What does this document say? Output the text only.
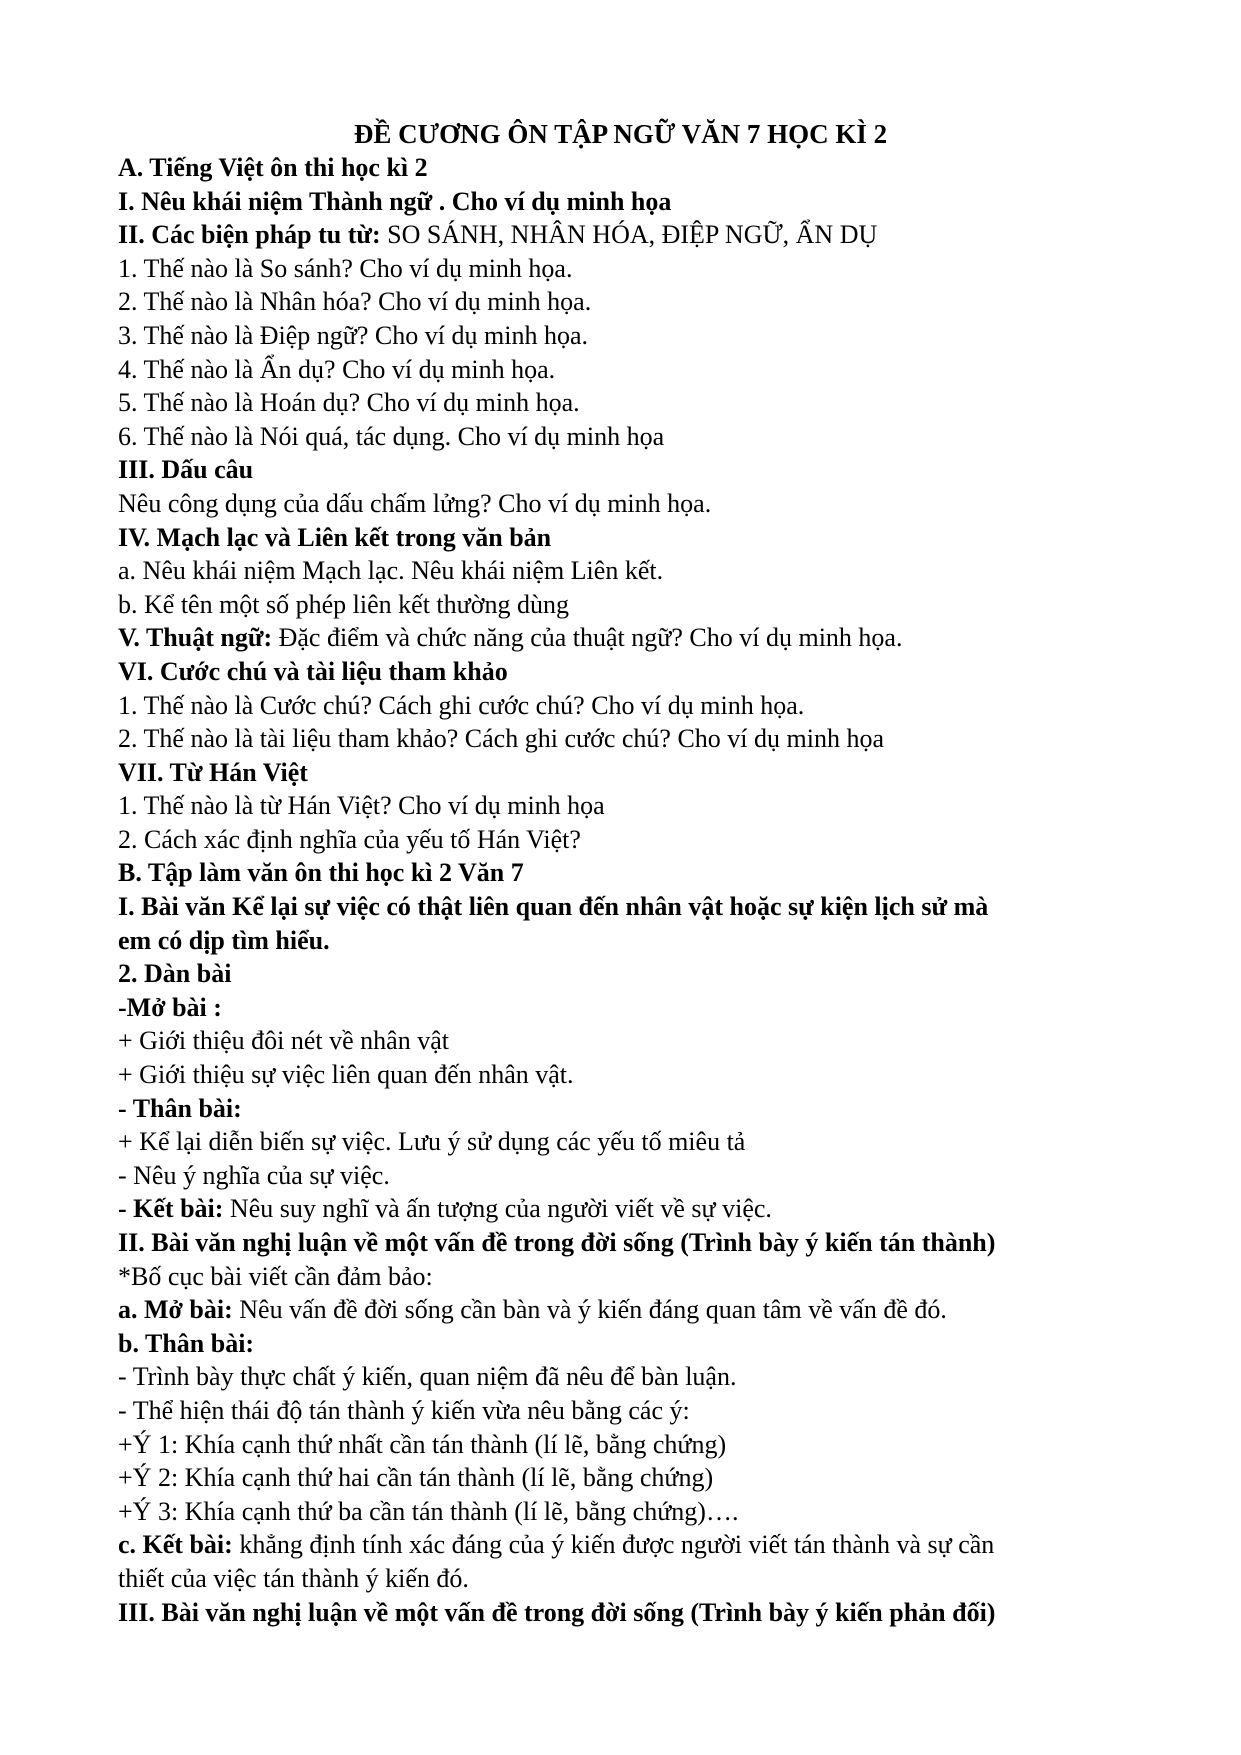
ĐỀ CƯƠNG ÔN TẬP NGỮ VĂN 7 HỌC KÌ 2
A. Tiếng Việt ôn thi học kì 2
I. Nêu khái niệm Thành ngữ . Cho ví dụ minh họa
II. Các biện pháp tu từ: SO SÁNH, NHÂN HÓA, ĐIỆP NGỮ, ẨN DỤ
1. Thế nào là So sánh? Cho ví dụ minh họa.
2. Thế nào là Nhân hóa? Cho ví dụ minh họa.
3. Thế nào là Điệp ngữ? Cho ví dụ minh họa.
4. Thế nào là Ẩn dụ? Cho ví dụ minh họa.
5. Thế nào là Hoán dụ? Cho ví dụ minh họa.
6. Thế nào là Nói quá, tác dụng. Cho ví dụ minh họa
III. Dấu câu
Nêu công dụng của dấu chấm lửng? Cho ví dụ minh họa.
IV. Mạch lạc và Liên kết trong văn bản
a. Nêu khái niệm Mạch lạc. Nêu khái niệm Liên kết.
b. Kể tên một số phép liên kết thường dùng
V. Thuật ngữ: Đặc điểm và chức năng của thuật ngữ? Cho ví dụ minh họa.
VI. Cước chú và tài liệu tham khảo
1. Thế nào là Cước chú? Cách ghi cước chú? Cho ví dụ minh họa.
2. Thế nào là tài liệu tham khảo? Cách ghi cước chú? Cho ví dụ minh họa
VII. Từ Hán Việt
1. Thế nào là từ Hán Việt? Cho ví dụ minh họa
2. Cách xác định nghĩa của yếu tố Hán Việt?
B. Tập làm văn ôn thi học kì 2 Văn 7
I. Bài văn Kể lại sự việc có thật liên quan đến nhân vật hoặc sự kiện lịch sử mà
em có dịp tìm hiểu.
2. Dàn bài
-Mở bài :
+ Giới thiệu đôi nét về nhân vật
+ Giới thiệu sự việc liên quan đến nhân vật.
- Thân bài:
+ Kể lại diễn biến sự việc. Lưu ý sử dụng các yếu tố miêu tả
- Nêu ý nghĩa của sự việc.
- Kết bài: Nêu suy nghĩ và ấn tượng của người viết về sự việc.
II. Bài văn nghị luận về một vấn đề trong đời sống (Trình bày ý kiến tán thành)
*Bố cục bài viết cần đảm bảo:
a. Mở bài: Nêu vấn đề đời sống cần bàn và ý kiến đáng quan tâm về vấn đề đó.
b. Thân bài:
- Trình bày thực chất ý kiến, quan niệm đã nêu để bàn luận.
- Thể hiện thái độ tán thành ý kiến vừa nêu bằng các ý:
+Ý 1: Khía cạnh thứ nhất cần tán thành (lí lẽ, bằng chứng)
+Ý 2: Khía cạnh thứ hai cần tán thành (lí lẽ, bằng chứng)
+Ý 3: Khía cạnh thứ ba cần tán thành (lí lẽ, bằng chứng)….
c. Kết bài: khẳng định tính xác đáng của ý kiến được người viết tán thành và sự cần
thiết của việc tán thành ý kiến đó.
III. Bài văn nghị luận về một vấn đề trong đời sống (Trình bày ý kiến phản đối)
